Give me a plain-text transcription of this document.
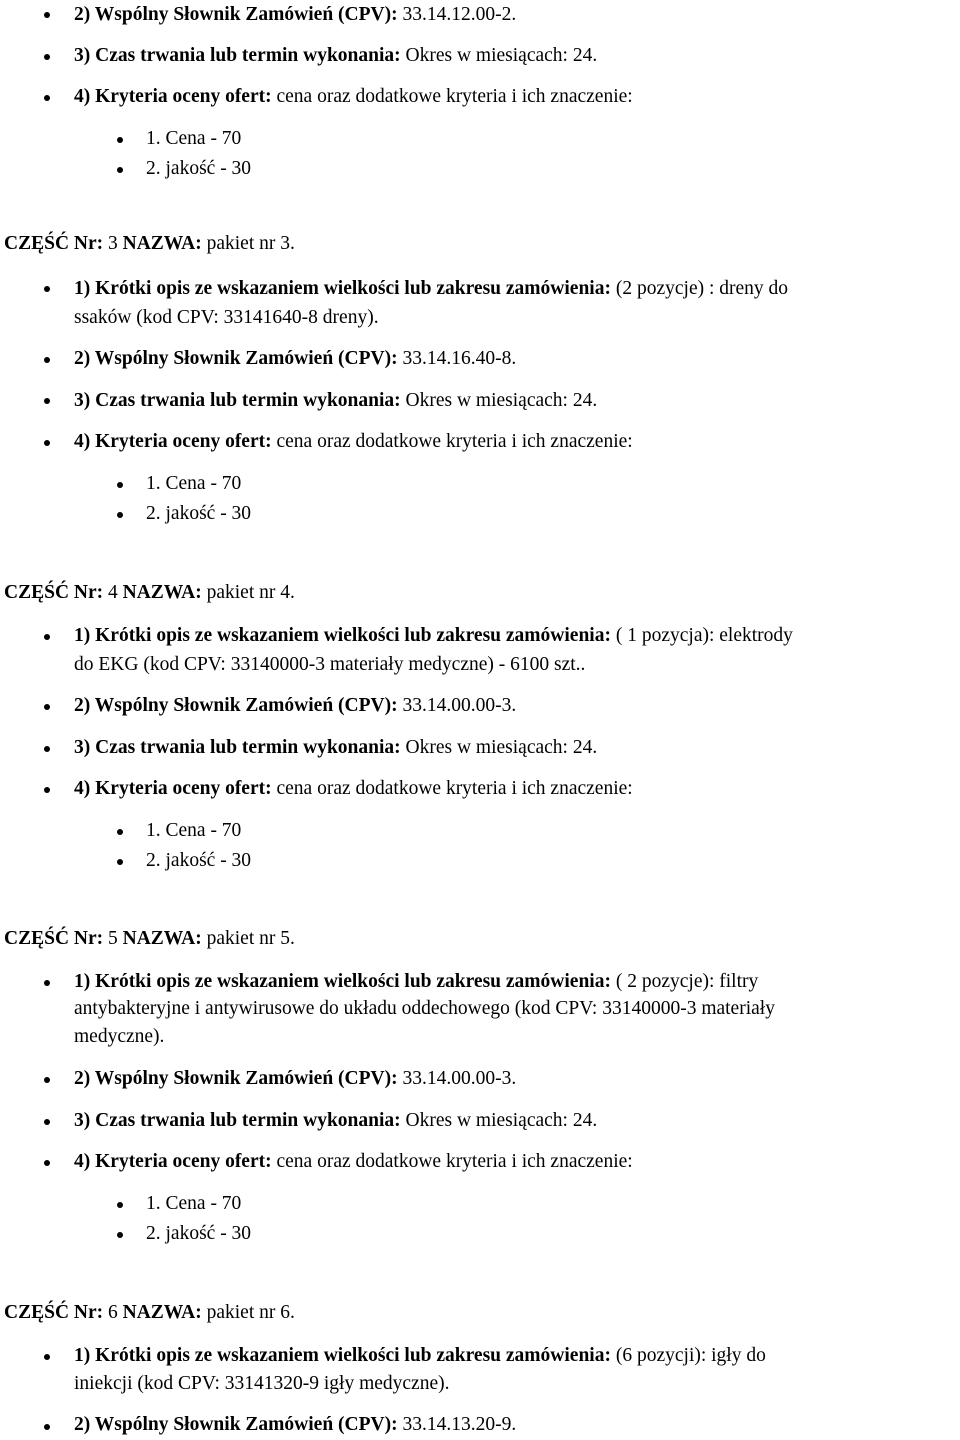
2) Wspólny Słownik Zamówień (CPV): 33.14.12.00-2.
3) Czas trwania lub termin wykonania: Okres w miesiącach: 24.
4) Kryteria oceny ofert: cena oraz dodatkowe kryteria i ich znaczenie:
1. Cena - 70
2. jakość - 30
CZĘŚĆ Nr: 3 NAZWA: pakiet nr 3.
1) Krótki opis ze wskazaniem wielkości lub zakresu zamówienia: (2 pozycje) : dreny do
ssaków (kod CPV: 33141640-8 dreny).
2) Wspólny Słownik Zamówień (CPV): 33.14.16.40-8.
3) Czas trwania lub termin wykonania: Okres w miesiącach: 24.
4) Kryteria oceny ofert: cena oraz dodatkowe kryteria i ich znaczenie:
1. Cena - 70
2. jakość - 30
CZĘŚĆ Nr: 4 NAZWA: pakiet nr 4.
1) Krótki opis ze wskazaniem wielkości lub zakresu zamówienia: ( 1 pozycja): elektrody
do EKG (kod CPV: 33140000-3 materiały medyczne) - 6100 szt..
2) Wspólny Słownik Zamówień (CPV): 33.14.00.00-3.
3) Czas trwania lub termin wykonania: Okres w miesiącach: 24.
4) Kryteria oceny ofert: cena oraz dodatkowe kryteria i ich znaczenie:
1. Cena - 70
2. jakość - 30
CZĘŚĆ Nr: 5 NAZWA: pakiet nr 5.
1) Krótki opis ze wskazaniem wielkości lub zakresu zamówienia: ( 2 pozycje): filtry
antybakteryjne i antywirusowe do układu oddechowego (kod CPV: 33140000-3 materiały
medyczne).
2) Wspólny Słownik Zamówień (CPV): 33.14.00.00-3.
3) Czas trwania lub termin wykonania: Okres w miesiącach: 24.
4) Kryteria oceny ofert: cena oraz dodatkowe kryteria i ich znaczenie:
1. Cena - 70
2. jakość - 30
CZĘŚĆ Nr: 6 NAZWA: pakiet nr 6.
1) Krótki opis ze wskazaniem wielkości lub zakresu zamówienia: (6 pozycji): igły do
iniekcji (kod CPV: 33141320-9 igły medyczne).
2) Wspólny Słownik Zamówień (CPV): 33.14.13.20-9.
